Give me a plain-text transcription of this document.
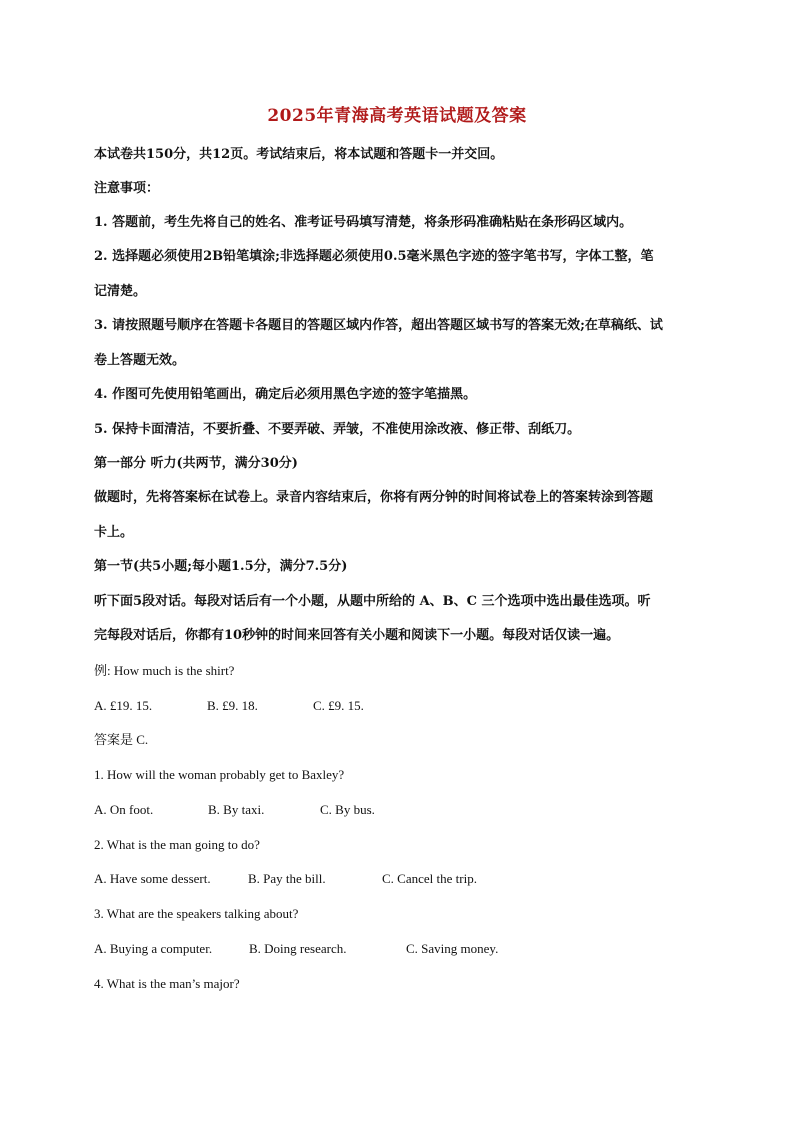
2025年青海高考英语试题及答案
本试卷共150分，共12页。考试结束后，将本试题和答题卡一并交回。
注意事项：
1. 答题前，考生先将自己的姓名、准考证号码填写清楚，将条形码准确粘贴在条形码区域内。
2. 选择题必须使用2B铅笔填涂;非选择题必须使用0.5毫米黑色字迹的签字笔书写，字体工整，笔
记清楚。
3. 请按照题号顺序在答题卡各题目的答题区域内作答，超出答题区域书写的答案无效;在草稿纸、试
卷上答题无效。
4. 作图可先使用铅笔画出，确定后必须用黑色字迹的签字笔描黑。
5. 保持卡面清洁，不要折叠、不要弄破、弄皱，不准使用涂改液、修正带、刮纸刀。
第一部分 听力(共两节，满分30分)
做题时，先将答案标在试卷上。录音内容结束后，你将有两分钟的时间将试卷上的答案转涂到答题
卡上。
第一节(共5小题;每小题1.5分，满分7.5分)
听下面5段对话。每段对话后有一个小题，从题中所给的 A、B、C 三个选项中选出最佳选项。听
完每段对话后，你都有10秒钟的时间来回答有关小题和阅读下一小题。每段对话仅读一遍。
例: How much is the shirt?
A. £19. 15.	B. £9. 18.	C. £9. 15.
答案是 C.
1. How will the woman probably get to Baxley?
A. On foot.	B. By taxi.	C. By bus.
2. What is the man going to do?
A. Have some dessert.	B. Pay the bill.	C. Cancel the trip.
3. What are the speakers talking about?
A. Buying a computer.	B. Doing research.	C. Saving money.
4. What is the man’s major?
